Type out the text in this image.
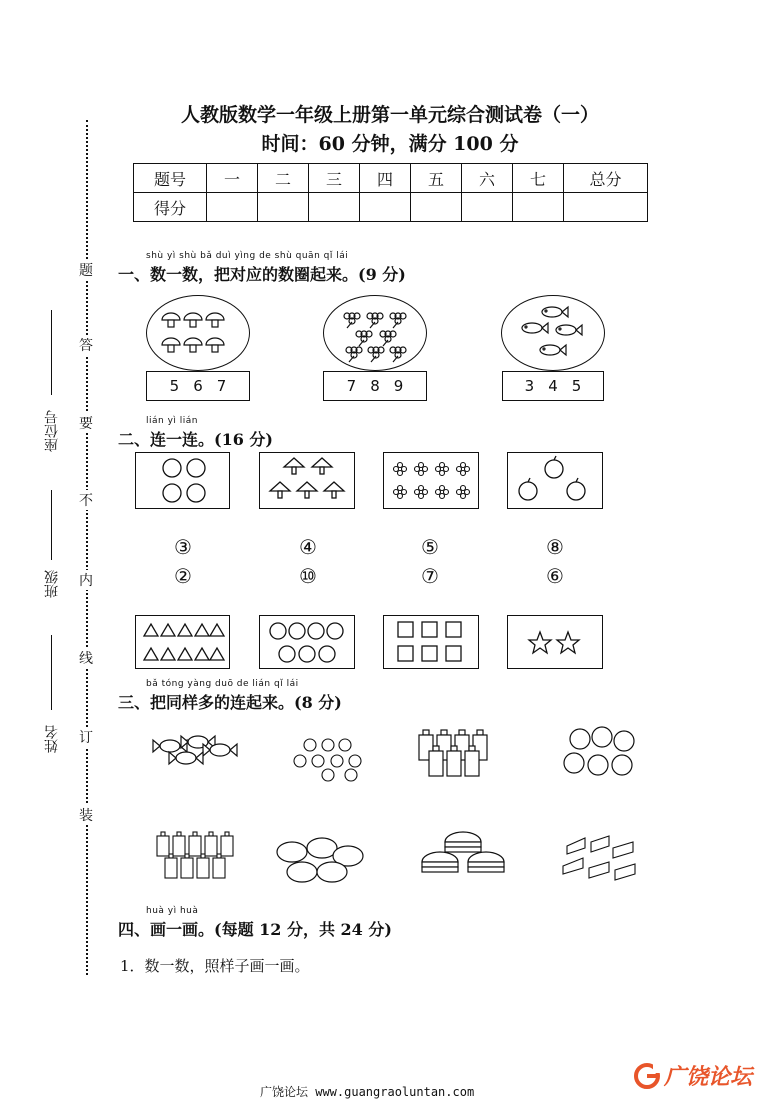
题
答
要
不
内
线
订
装
座位号
班级
姓名
人教版数学一年级上册第一单元综合测试卷（一）
时间：60 分钟，满分 100 分
题号	一	二	三	四	五	六	七	总分
得分								
shù yì shù bǎ duì yìng de shù quān qǐ lái
一、数一数，把对应的数圈起来。(9 分)
5 6 7	7 8 9	3 4 5
lián yì lián
二、连一连。(16 分)
③	④	⑤	⑧
②	⑩	⑦	⑥
bǎ tóng yàng duō de lián qǐ lái
三、把同样多的连起来。(8 分)
huà yì huà
四、画一画。(每题 12 分，共 24 分)
1．数一数，照样子画一画。
广饶论坛 www.guangraoluntan.com
广饶论坛
